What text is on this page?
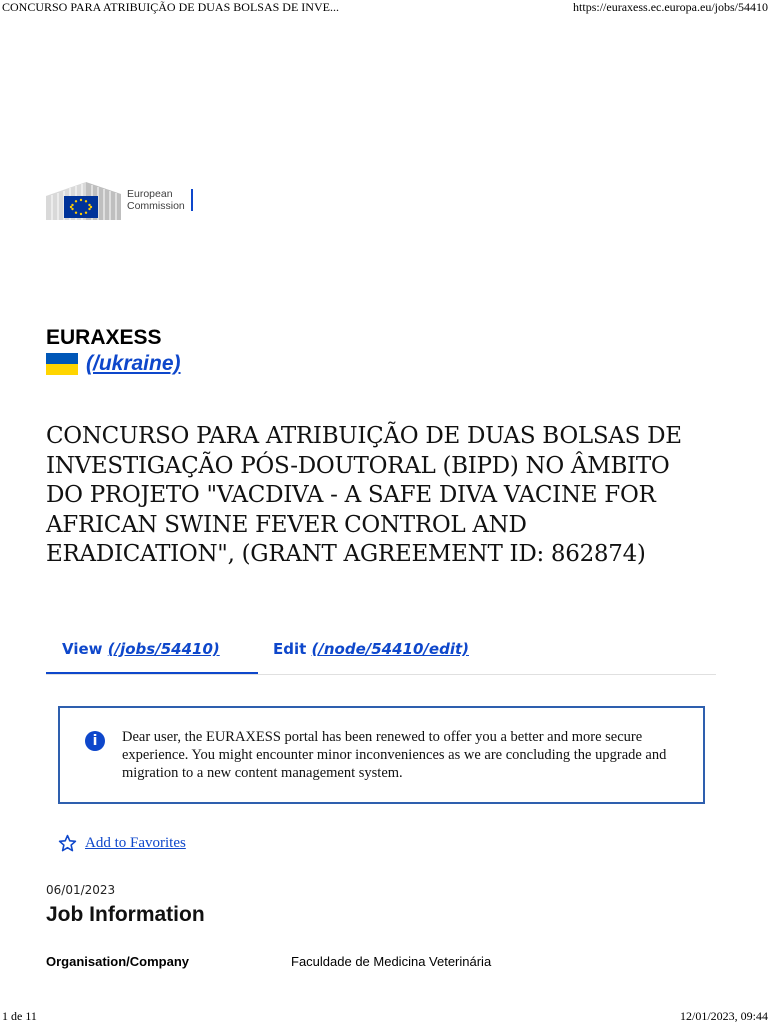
CONCURSO PARA ATRIBUIÇÃO DE DUAS BOLSAS DE INVE...	https://euraxess.ec.europa.eu/jobs/54410
European
Commission
EURAXESS
(/ukraine)
CONCURSO PARA ATRIBUIÇÃO DE DUAS BOLSAS DE INVESTIGAÇÃO PÓS-DOUTORAL (BIPD) NO ÂMBITO DO PROJETO "VACDIVA - A SAFE DIVA VACINE FOR AFRICAN SWINE FEVER CONTROL AND ERADICATION", (GRANT AGREEMENT ID: 862874)
View (/jobs/54410)	Edit (/node/54410/edit)
i	Dear user, the EURAXESS portal has been renewed to offer you a better and more secure experience. You might encounter minor inconveniences as we are concluding the upgrade and migration to a new content management system.
Add to Favorites
06/01/2023
Job Information
Organisation/Company	Faculdade de Medicina Veterinária
1 de 11	12/01/2023, 09:44
